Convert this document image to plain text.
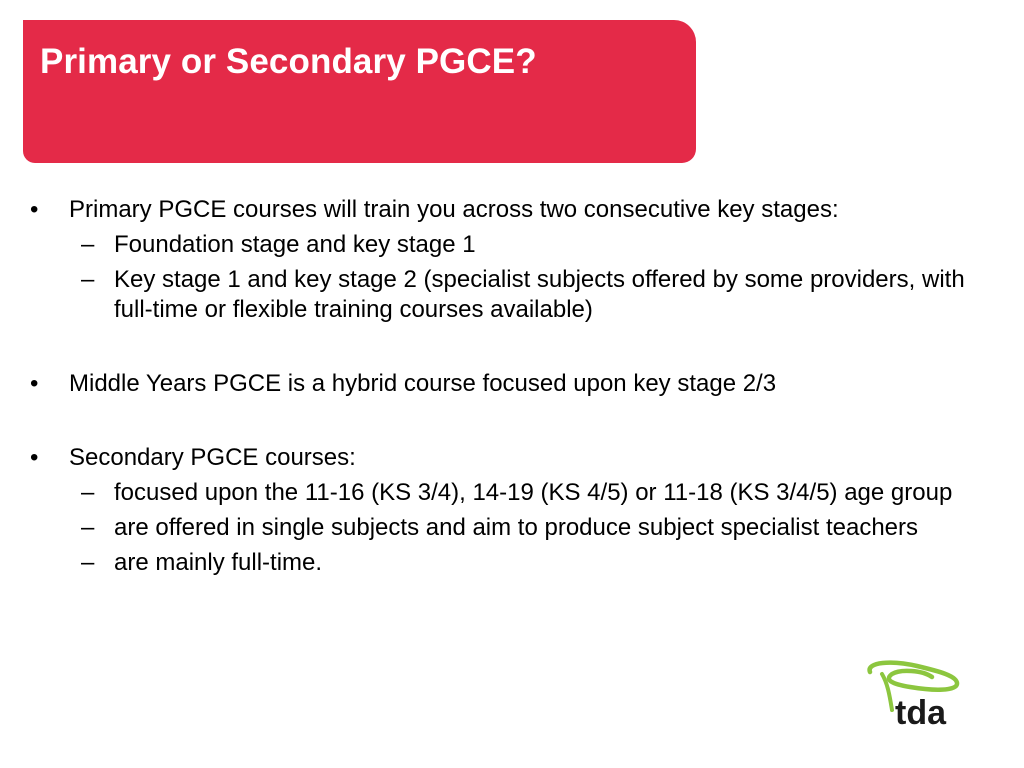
Primary or Secondary PGCE?
• Primary PGCE courses will train you across two consecutive key stages:
– Foundation stage and key stage 1
– Key stage 1 and key stage 2 (specialist subjects offered by some providers, with full-time or flexible training courses available)
• Middle Years PGCE is a hybrid course focused upon key stage 2/3
• Secondary PGCE courses:
– focused upon the 11-16 (KS 3/4), 14-19 (KS 4/5) or 11-18 (KS 3/4/5) age group
– are offered in single subjects and aim to produce subject specialist teachers
– are mainly full-time.
tda
